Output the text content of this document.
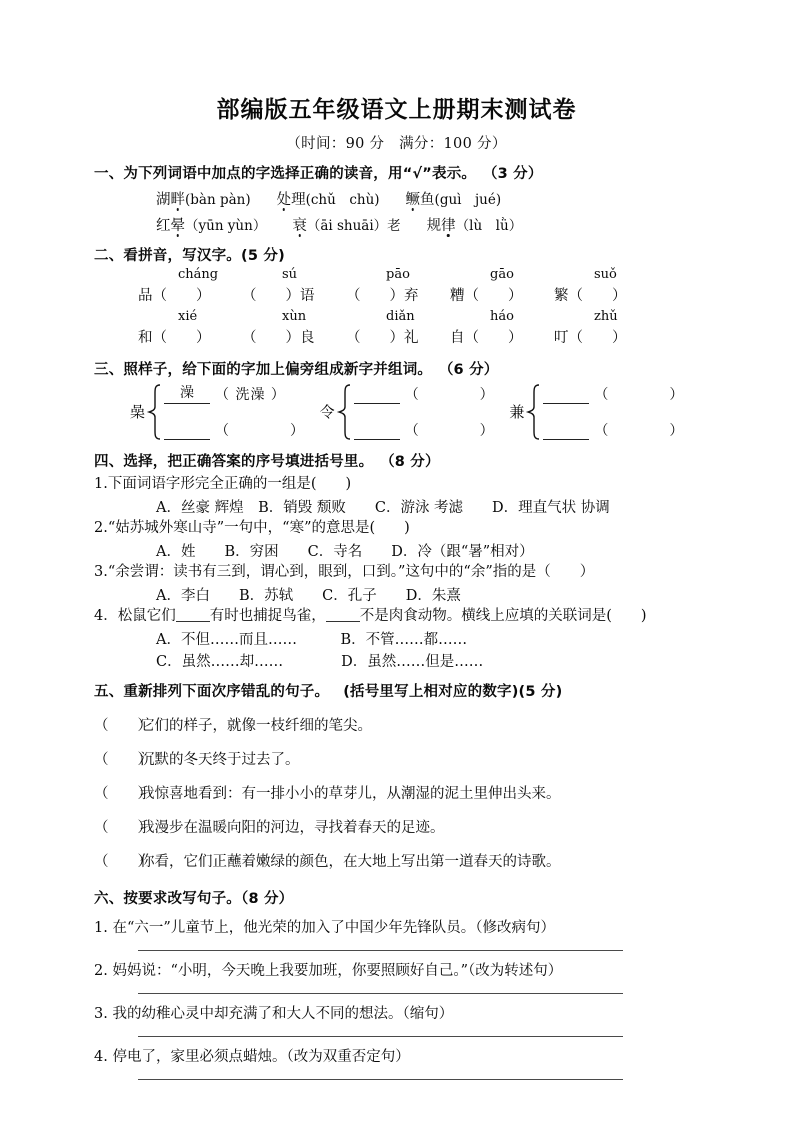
部编版五年级语文上册期末测试卷
（时间：90 分　满分：100 分）
一、为下列词语中加点的字选择正确的读音，用“√”表示。 （3 分）
湖畔(bàn pàn) 处理(chǔ　chù) 鳜鱼(guì　jué)
红晕（yūn yùn） 衰（āi shuāi）老 规律（lù　lǜ）
二、看拼音，写汉字。(5 分)
cháng	sú	pāo	gāo	suǒ
品（　　） （　　）语 （　　）弃 糟（　　） 繁（　　）
xié	xùn	diǎn	háo	zhǔ
和（　　） （　　）良 （　　）礼 自（　　） 叮（　　）
三、照样子，给下面的字加上偏旁组成新字并组词。 （6 分）
喿
澡	（ 洗澡 ）
（　　　　）
令
（　　　　）
（　　　　）
兼
（　　　　）
（　　　　）
四、选择，把正确答案的序号填进括号里。 （8 分）
1.下面词语字形完全正确的一组是(　　)
A．丝豪 辉煌　B．销毁 颓败　　C．游泳 考滤　　D．理直气状 协调
2.“姑苏城外寒山寺”一句中，“寒”的意思是(　　)
A．姓　　B．穷困　　C．寺名　　D．冷（跟“暑”相对）
3.“余尝谓：读书有三到，谓心到，眼到，口到。”这句中的“余”指的是（　　）
A．李白　　B．苏轼　　C．孔子　　D．朱熹
4．松鼠它们 有时也捕捉鸟雀， 不是肉食动物。横线上应填的关联词是(　　)
A．不但……而且……　　　B．不管……都……
C．虽然……却……　　　　D．虽然……但是……
五、重新排列下面次序错乱的句子。 (括号里写上相对应的数字)(5 分)
（　　）它们的样子，就像一枝纤细的笔尖。
（　　）沉默的冬天终于过去了。
（　　）我惊喜地看到：有一排小小的草芽儿，从潮湿的泥土里伸出头来。
（　　）我漫步在温暖向阳的河边，寻找着春天的足迹。
（　　）你看，它们正蘸着嫩绿的颜色，在大地上写出第一道春天的诗歌。
六、按要求改写句子。（8 分）
1. 在“六一”儿童节上，他光荣的加入了中国少年先锋队员。（修改病句）
2. 妈妈说：“小明，今天晚上我要加班，你要照顾好自己。”（改为转述句）
3. 我的幼稚心灵中却充满了和大人不同的想法。（缩句）
4. 停电了，家里必须点蜡烛。（改为双重否定句）
